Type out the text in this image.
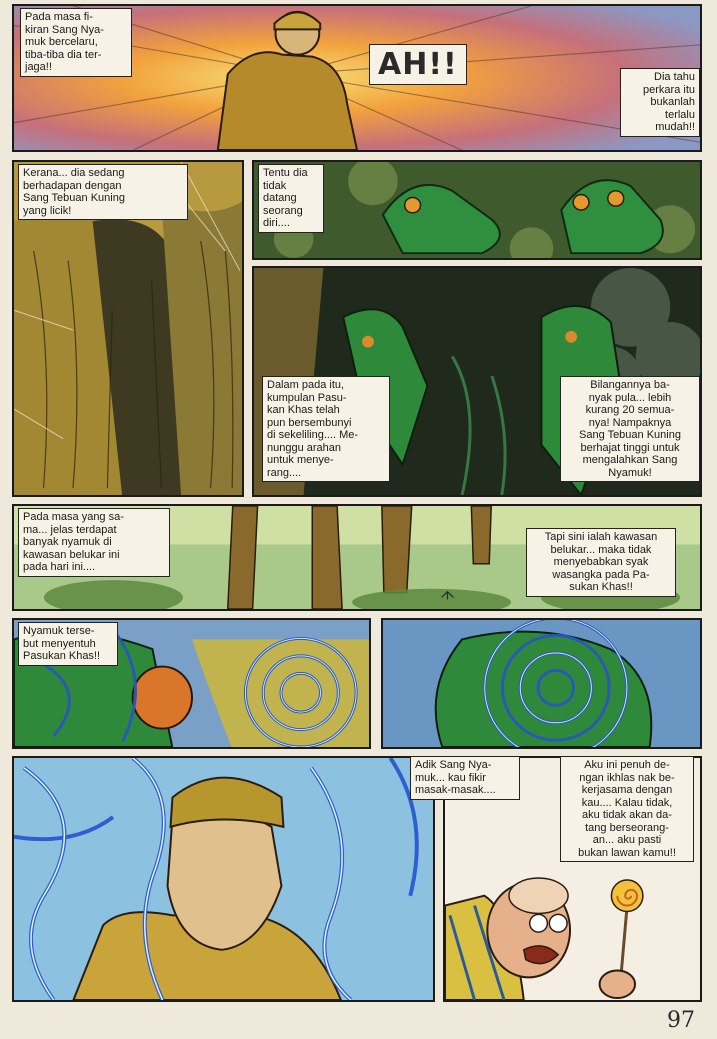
Pada masa fi-
kiran Sang Nya-
muk bercelaru,
tiba-tiba dia ter-
jaga!!	AH!!	Dia tahu
perkara itu
bukanlah
terlalu
mudah!!
Kerana... dia sedang
berhadapan dengan
Sang Tebuan Kuning
yang licik!
Tentu dia
tidak
datang
seorang
diri....
Dalam pada itu,
kumpulan Pasu-
kan Khas telah
pun bersembunyi
di sekeliling.... Me-
nunggu arahan
untuk menye-
rang....
Bilangannya ba-
nyak pula... lebih
kurang 20 semua-
nya! Nampaknya
Sang Tebuan Kuning
berhajat tinggi untuk
mengalahkan Sang
Nyamuk!
Pada masa yang sa-
ma... jelas terdapat
banyak nyamuk di
kawasan belukar ini
pada hari ini....
Tapi sini ialah kawasan
belukar... maka tidak
menyebabkan syak
wasangka pada Pa-
sukan Khas!!
Nyamuk terse-
but menyentuh
Pasukan Khas!!
Adik Sang Nya-
muk... kau fikir
masak-masak....
Aku ini penuh de-
ngan ikhlas nak be-
kerjasama dengan
kau.... Kalau tidak,
aku tidak akan da-
tang berseorang-
an... aku pasti
bukan lawan kamu!!
97
